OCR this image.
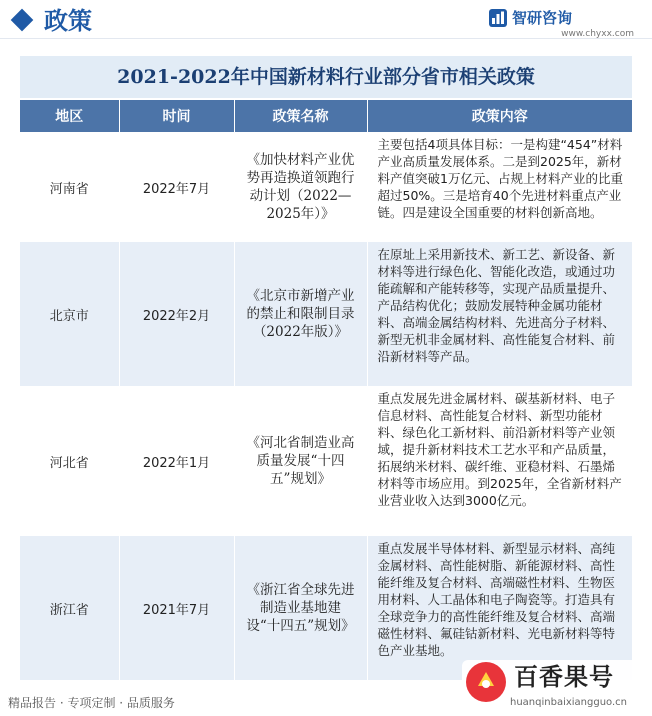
政策	智研咨询
www.chyxx.com
2021-2022年中国新材料行业部分省市相关政策
地区	时间	政策名称	政策内容
河南省	2022年7月	《加快材料产业优势再造换道领跑行动计划（2022—2025年）》	主要包括4项具体目标：一是构建“454”材料产业高质量发展体系。二是到2025年，新材料产值突破1万亿元、占规上材料产业的比重超过50%。三是培育40个先进材料重点产业链。四是建设全国重要的材料创新高地。
北京市	2022年2月	《北京市新增产业的禁止和限制目录（2022年版）》	在原址上采用新技术、新工艺、新设备、新材料等进行绿色化、智能化改造，或通过功能疏解和产能转移等，实现产品质量提升、产品结构优化；鼓励发展特种金属功能材料、高端金属结构材料、先进高分子材料、新型无机非金属材料、高性能复合材料、前沿新材料等产品。
河北省	2022年1月	《河北省制造业高质量发展“十四五”规划》	重点发展先进金属材料、碳基新材料、电子信息材料、高性能复合材料、新型功能材料、绿色化工新材料、前沿新材料等产业领域，提升新材料技术工艺水平和产品质量，拓展纳米材料、碳纤维、亚稳材料、石墨烯材料等市场应用。到2025年，全省新材料产业营业收入达到3000亿元。
浙江省	2021年7月	《浙江省全球先进制造业基地建设“十四五”规划》	重点发展半导体材料、新型显示材料、高纯金属材料、高性能树脂、新能源材料、高性能纤维及复合材料、高端磁性材料、生物医用材料、人工晶体和电子陶瓷等。打造具有全球竞争力的高性能纤维及复合材料、高端磁性材料、氟硅钴新材料、光电新材料等特色产业基地。
精品报告 · 专项定制 · 品质服务
百香果号
huanqinbaixiangguo.cn
